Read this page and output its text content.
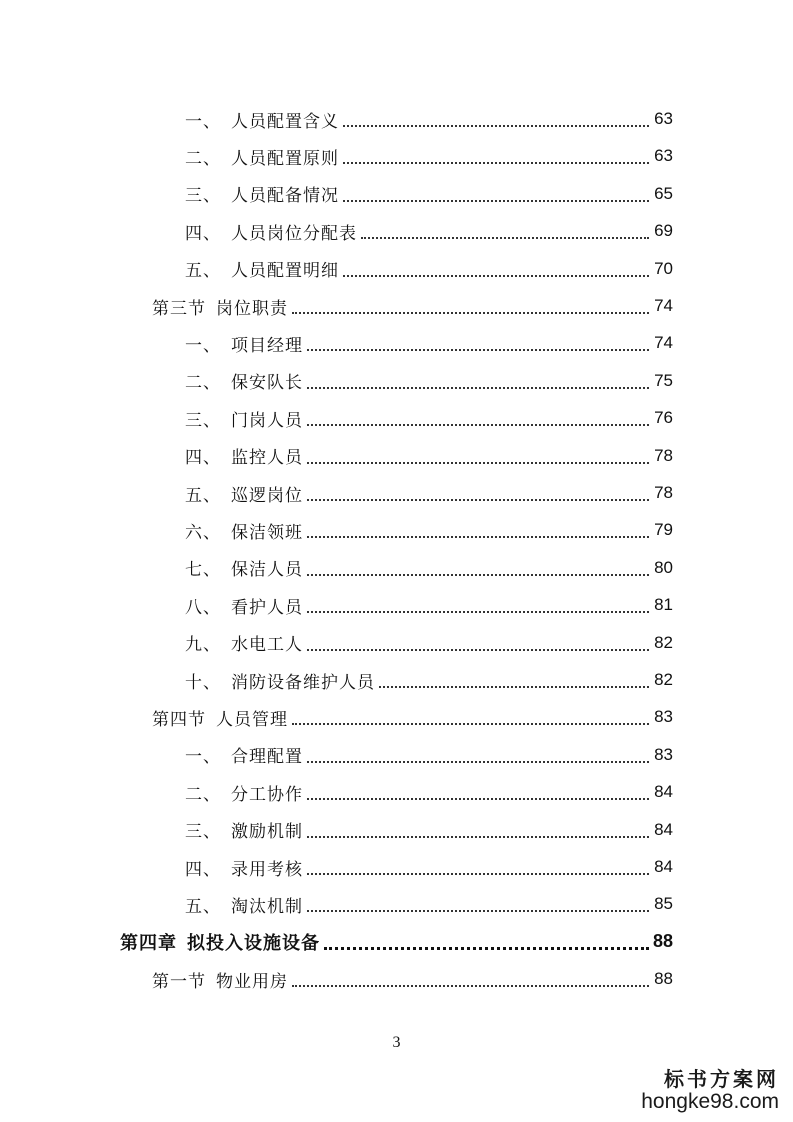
一、 人员配置含义	63
二、 人员配置原则	63
三、 人员配备情况	65
四、 人员岗位分配表	69
五、 人员配置明细	70
第三节 岗位职责	74
一、 项目经理	74
二、 保安队长	75
三、 门岗人员	76
四、 监控人员	78
五、 巡逻岗位	78
六、 保洁领班	79
七、 保洁人员	80
八、 看护人员	81
九、 水电工人	82
十、 消防设备维护人员	82
第四节 人员管理	83
一、 合理配置	83
二、 分工协作	84
三、 激励机制	84
四、 录用考核	84
五、 淘汰机制	85
第四章 拟投入设施设备	88
第一节 物业用房	88
3
标书方案网
hongke98.com
